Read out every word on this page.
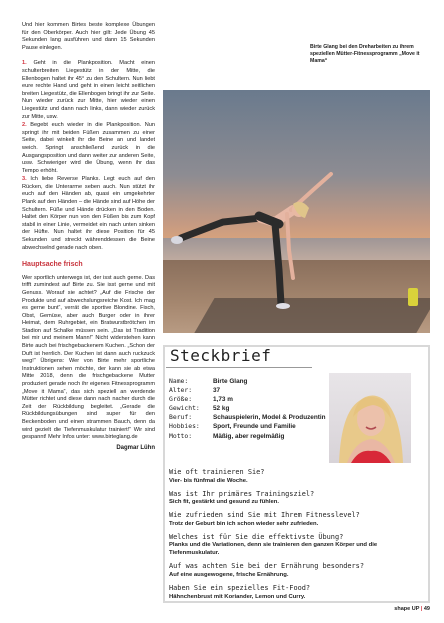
Und hier kommen Birtes beste komplexe Übungen für den Oberkörper. Auch hier gilt: Jede Übung 45 Sekunden lang ausführen und dann 15 Sekunden Pause einlegen.

1. Geht in die Plankposition. Macht einen schulterbreiten Liegestütz in der Mitte, die Ellenbogen haltet ihr 45° zu den Schultern. Nun liebt eure rechte Hand und geht in einen leicht seitlichen breiten Liegestütz, die Ellenbogen bringt ihr zur Seite. Nun wieder zurück zur Mitte, hier wieder einen Liegestütz und dann nach links, dann wieder zurück zur Mitte, usw.

2. Begebt euch wieder in die Plankposition. Nun springt ihr mit beiden Füßen zusammen zu einer Seite, dabei winkelt ihr die Beine an und landet weich. Springt anschließend zurück in die Ausgangsposition und dann weiter zur anderen Seite, usw. Schwieriger wird die Übung, wenn ihr das Tempo erhöht.

3. Ich liebe Reverse Planks. Legt euch auf den Rücken, die Unterarme seben auch. Nun stützt ihr euch auf den Händen ab, quasi ein umgekehrter Plank auf den Händen – die Hände sind auf Höhe der Schultern. Füße und Hände drücken in den Boden. Haltet den Körper nun von den Füßen bis zum Kopf stabil in einer Linie, vermeidet ein nach unten sinken der Hüfte. Nun haltet ihr diese Position für 45 Sekunden und streckt währenddessen die Beine abwechselnd gerade nach oben.

Hauptsache frisch

Wer sportlich unterwegs ist, der isst auch gerne. Das trifft zumindest auf Birte zu. Sie isst gerne und mit Genuss. Worauf sie achtet? „Auf die Frische der Produkte und auf abwechslungsreiche Kost. Ich mag es gerne bunt“, verrät die sportive Blondine. Fisch, Obst, Gemüse, aber auch Burger oder in ihrer Heimat, dem Ruhrgebiet, ein Bratwurstbrötchen im Stadion auf Schalke müssen sein. „Das ist Tradition bei mir und meinem Mann!“ Nicht widerstehen kann Birte auch bei frischgebackenem Kuchen. „Schon der Duft ist herrlich. Der Kuchen ist dann auch ruckzuck weg!“ Übrigens: Wer von Birte mehr sportliche Instruktionen sehen möchte, der kann sie ab etwa Mitte 2018, denn die frischgebackene Mutter produziert gerade noch ihr eigenes Fitnessprogramm „Move it Mama“, das sich speziell an werdende Mütter richtet und diese dann nach nacher durch die Zeit der Rückbildung begleitet. „Gerade die Rückbildungsübungen sind super für den Beckenboden und einen strammen Bauch, denn da wird gezielt die Tiefenmuskulatur trainiert!“ Wir sind gespannt! Mehr Infos unter: www.birteglang.de

Dagmar Lühn
Birte Glang bei den Dreharbeiten zu ihrem speziellen Mütter-Fitnessprogramm „Move it Mama“
Steckbrief
Name:	Birte Glang
Alter:	37
Größe:	1,73 m
Gewicht:	52 kg
Beruf:	Schauspielerin, Model & Produzentin
Hobbies:	Sport, Freunde und Familie
Motto:	Mäßig, aber regelmäßig

Wie oft trainieren Sie?

Vier- bis fünfmal die Woche.

Was ist Ihr primäres Trainingsziel?

Sich fit, gestärkt und gesund zu fühlen.

Wie zufrieden sind Sie mit Ihrem Fitnesslevel?

Trotz der Geburt bin ich schon wieder sehr zufrieden.

Welches ist für Sie die effektivste Übung?

Planks und die Variationen, denn sie trainieren den ganzen Körper und die Tiefenmuskulatur.

Auf was achten Sie bei der Ernährung besonders?

Auf eine ausgewogene, frische Ernährung.

Haben Sie ein spezielles Fit-Food?

Hähnchenbrust mit Koriander, Lemon und Curry.

shape UP | 49
